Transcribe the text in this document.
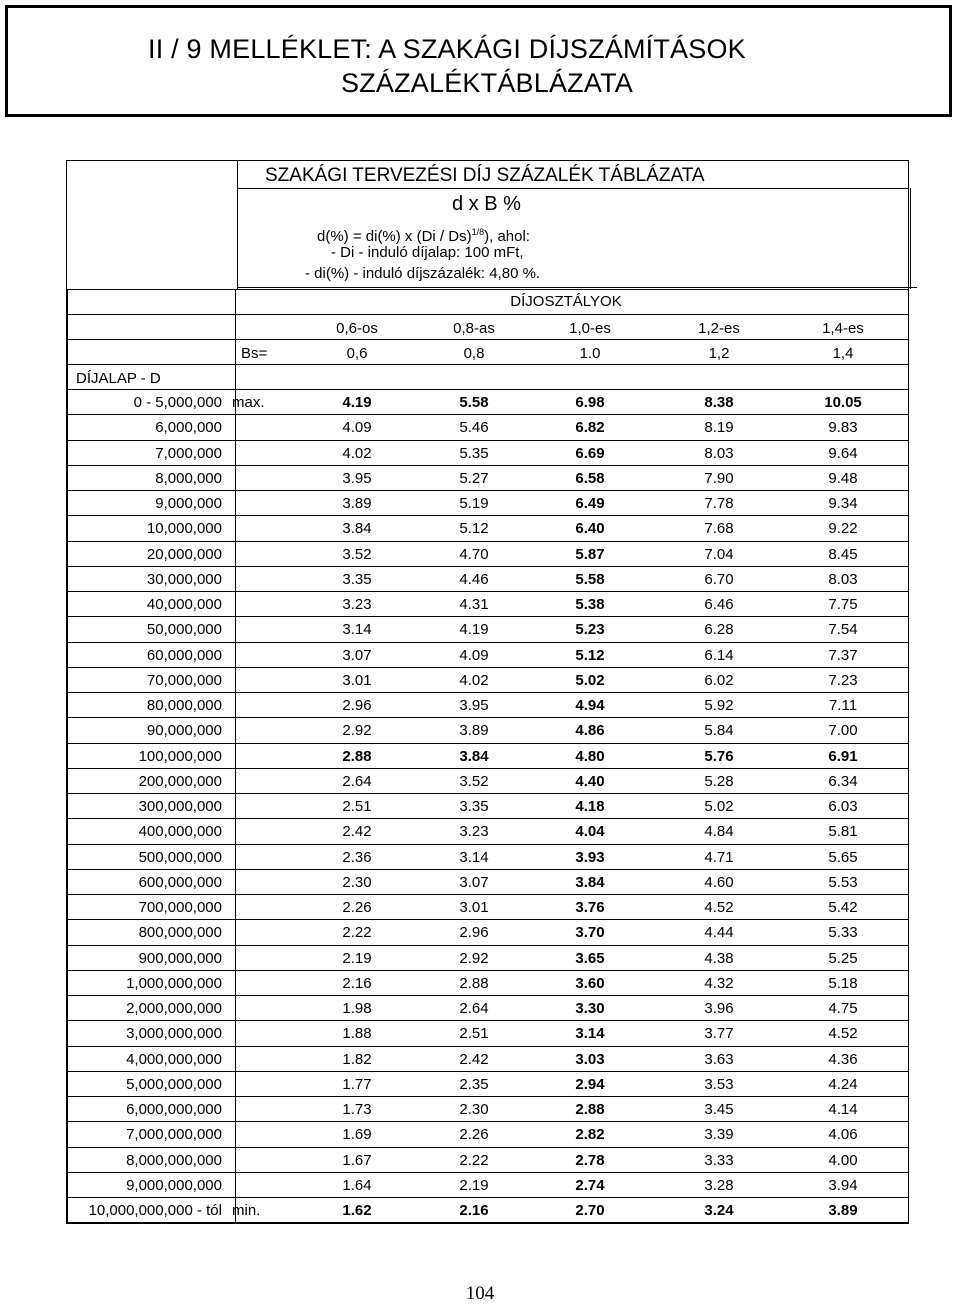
II / 9 MELLÉKLET: A SZAKÁGI DÍJSZÁMÍTÁSOK
SZÁZALÉKTÁBLÁZATA
SZAKÁGI TERVEZÉSI DÍJ SZÁZALÉK TÁBLÁZATA
d x B %
d(%) = di(%) x (Di / Ds)$^{1/8}$), ahol:
- Di - induló díjalap: 100 mFt,
- di(%) - induló díjszázalék: 4,80 %.
DÍJOSZTÁLYOK
0,6-os	0,8-as	1,0-es	1,2-es	1,4-es
Bs=	0,6	0,8	1.0	1,2	1,4
DÍJALAP - D
0 - 5,000,000 max.	4.19	5.58	6.98	8.38	10.05
6,000,000	4.09	5.46	6.82	8.19	9.83
7,000,000	4.02	5.35	6.69	8.03	9.64
8,000,000	3.95	5.27	6.58	7.90	9.48
9,000,000	3.89	5.19	6.49	7.78	9.34
10,000,000	3.84	5.12	6.40	7.68	9.22
20,000,000	3.52	4.70	5.87	7.04	8.45
30,000,000	3.35	4.46	5.58	6.70	8.03
40,000,000	3.23	4.31	5.38	6.46	7.75
50,000,000	3.14	4.19	5.23	6.28	7.54
60,000,000	3.07	4.09	5.12	6.14	7.37
70,000,000	3.01	4.02	5.02	6.02	7.23
80,000,000	2.96	3.95	4.94	5.92	7.11
90,000,000	2.92	3.89	4.86	5.84	7.00
100,000,000	2.88	3.84	4.80	5.76	6.91
200,000,000	2.64	3.52	4.40	5.28	6.34
300,000,000	2.51	3.35	4.18	5.02	6.03
400,000,000	2.42	3.23	4.04	4.84	5.81
500,000,000	2.36	3.14	3.93	4.71	5.65
600,000,000	2.30	3.07	3.84	4.60	5.53
700,000,000	2.26	3.01	3.76	4.52	5.42
800,000,000	2.22	2.96	3.70	4.44	5.33
900,000,000	2.19	2.92	3.65	4.38	5.25
1,000,000,000	2.16	2.88	3.60	4.32	5.18
2,000,000,000	1.98	2.64	3.30	3.96	4.75
3,000,000,000	1.88	2.51	3.14	3.77	4.52
4,000,000,000	1.82	2.42	3.03	3.63	4.36
5,000,000,000	1.77	2.35	2.94	3.53	4.24
6,000,000,000	1.73	2.30	2.88	3.45	4.14
7,000,000,000	1.69	2.26	2.82	3.39	4.06
8,000,000,000	1.67	2.22	2.78	3.33	4.00
9,000,000,000	1.64	2.19	2.74	3.28	3.94
10,000,000,000 - tól min.	1.62	2.16	2.70	3.24	3.89
104
